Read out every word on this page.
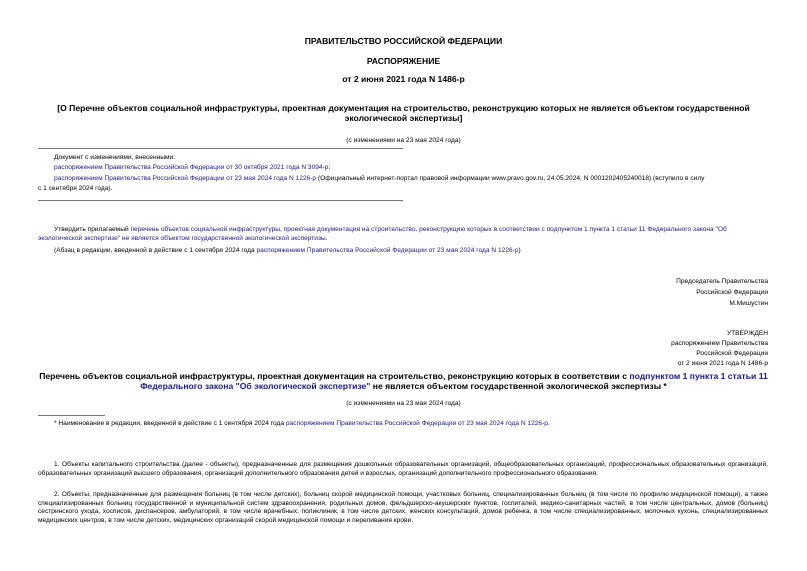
ПРАВИТЕЛЬСТВО РОССИЙСКОЙ ФЕДЕРАЦИИ
РАСПОРЯЖЕНИЕ
от 2 июня 2021 года N 1486-р
[О Перечне объектов социальной инфраструктуры, проектная документация на строительство, реконструкцию которых не является объектом государственной экологической экспертизы]
(с изменениями на 23 мая 2024 года)
Документ с изменениями, внесенными:
распоряжением Правительства Российской Федерации от 30 октября 2021 года N 3094-р;
распоряжением Правительства Российской Федерации от 23 мая 2024 года N 1226-р (Официальный интернет-портал правовой информации www.pravo.gov.ru, 24.05.2024, N 0001202405240018) (вступило в силу
с 1 сентября 2024 года).
Утвердить прилагаемый перечень объектов социальной инфраструктуры, проектная документация на строительство, реконструкцию которых в соответствии с подпунктом 1 пункта 1 статьи 11 Федерального закона "Об экологической экспертизе" не является объектом государственной экологической экспертизы.
(Абзац в редакции, введенной в действие с 1 сентября 2024 года распоряжением Правительства Российской Федерации от 23 мая 2024 года N 1226-р)
Председатель Правительства
Российской Федерации
М.Мишустин
УТВЕРЖДЕН
распоряжением Правительства
Российской Федерации
от 2 июня 2021 года N 1486-р
Перечень объектов социальной инфраструктуры, проектная документация на строительство, реконструкцию которых в соответствии с подпунктом 1 пункта 1 статьи 11 Федерального закона "Об экологической экспертизе" не является объектом государственной экологической экспертизы *
(с изменениями на 23 мая 2024 года)
* Наименование в редакции, введенной в действие с 1 сентября 2024 года распоряжением Правительства Российской Федерации от 23 мая 2024 года N 1226-р.
1. Объекты капитального строительства (далее - объекты), предназначенные для размещения дошкольных образовательных организаций, общеобразовательных организаций, профессиональных образовательных организаций, образовательных организаций высшего образования, организаций дополнительного образования детей и взрослых, организаций дополнительного профессионального образования.
2. Объекты, предназначенные для размещения больниц (в том числе детских), больниц скорой медицинской помощи, участковых больниц, специализированных больниц (в том числе по профилю медицинской помощи), а также специализированных больниц государственной и муниципальной систем здравоохранения, родильных домов, фельдшерско-акушерских пунктов, госпиталей, медико-санитарных частей, в том числе центральных, домов (больниц) сестринского ухода, хосписов, диспансеров, амбулаторий, в том числе врачебных, поликлиник, в том числе детских, женских консультаций, домов ребенка, в том числе специализированных, молочных кухонь, специализированных медицинских центров, в том числе детских, медицинских организаций скорой медицинской помощи и переливания крови.
